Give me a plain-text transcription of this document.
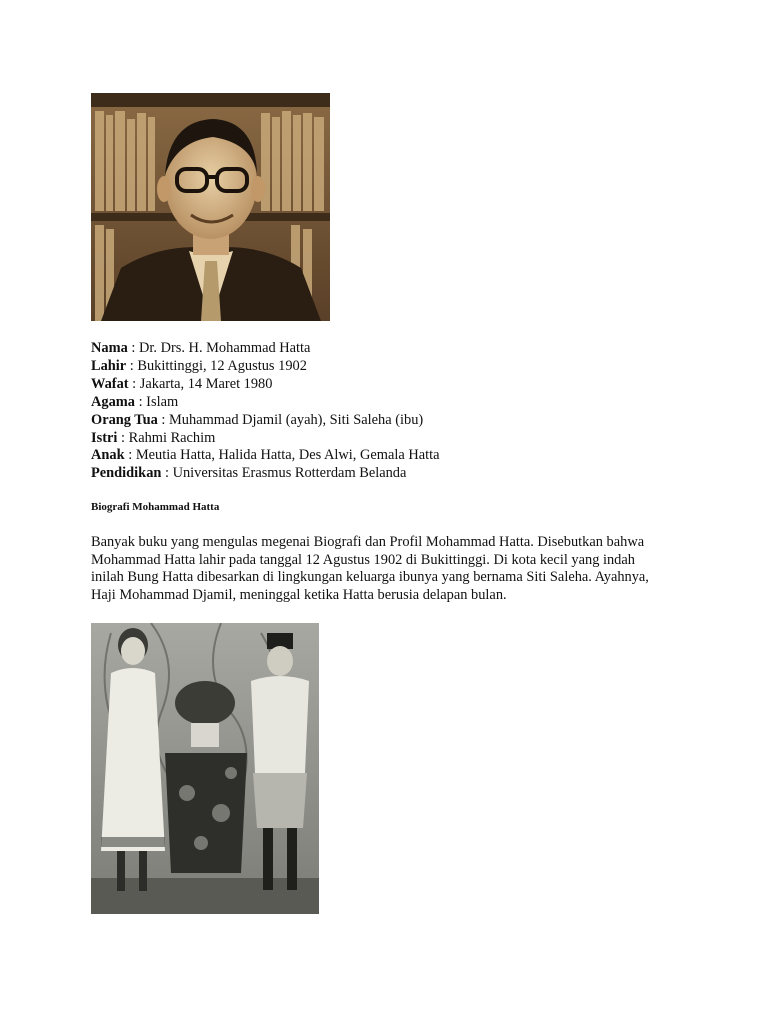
Nama : Dr. Drs. H. Mohammad Hatta
Lahir : Bukittinggi, 12 Agustus 1902
Wafat : Jakarta, 14 Maret 1980
Agama : Islam
Orang Tua : Muhammad Djamil (ayah), Siti Saleha (ibu)
Istri : Rahmi Rachim
Anak : Meutia Hatta, Halida Hatta, Des Alwi, Gemala Hatta
Pendidikan : Universitas Erasmus Rotterdam Belanda
Biografi Mohammad Hatta
Banyak buku yang mengulas megenai Biografi dan Profil Mohammad Hatta. Disebutkan bahwa
Mohammad Hatta lahir pada tanggal 12 Agustus 1902 di Bukittinggi. Di kota kecil yang indah
inilah Bung Hatta dibesarkan di lingkungan keluarga ibunya yang bernama Siti Saleha. Ayahnya,
Haji Mohammad Djamil, meninggal ketika Hatta berusia delapan bulan.
